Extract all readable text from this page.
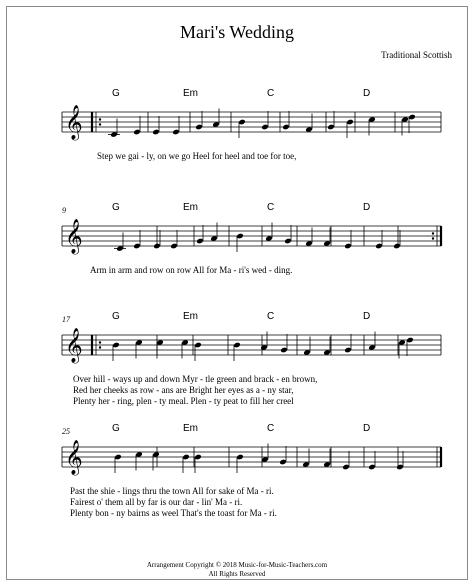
Mari's Wedding
Traditional Scottish
G	Em	C	D
𝄞
Step we gai - ly, on we go Heel for heel and toe for toe,
9	G	Em	C	D
𝄞
Arm in arm and row on row All for Ma - ri's wed - ding.
17	G	Em	C	D
𝄞
Over hill - ways up and down Myr - tle green and brack - en brown,
Red her cheeks as row - ans are Bright her eyes as a - ny star,
Plenty her - ring, plen - ty meal. Plen - ty peat to fill her creel
25	G	Em	C	D
𝄞
Past the shie - lings thru the town All for sake of Ma - ri.
Fairest o' them all by far is our dar - lin' Ma - ri.
Plenty bon - ny bairns as weel That's the toast for Ma - ri.
Arrangement Copyright © 2018 Music-for-Music-Teachers.com
All Rights Reserved
